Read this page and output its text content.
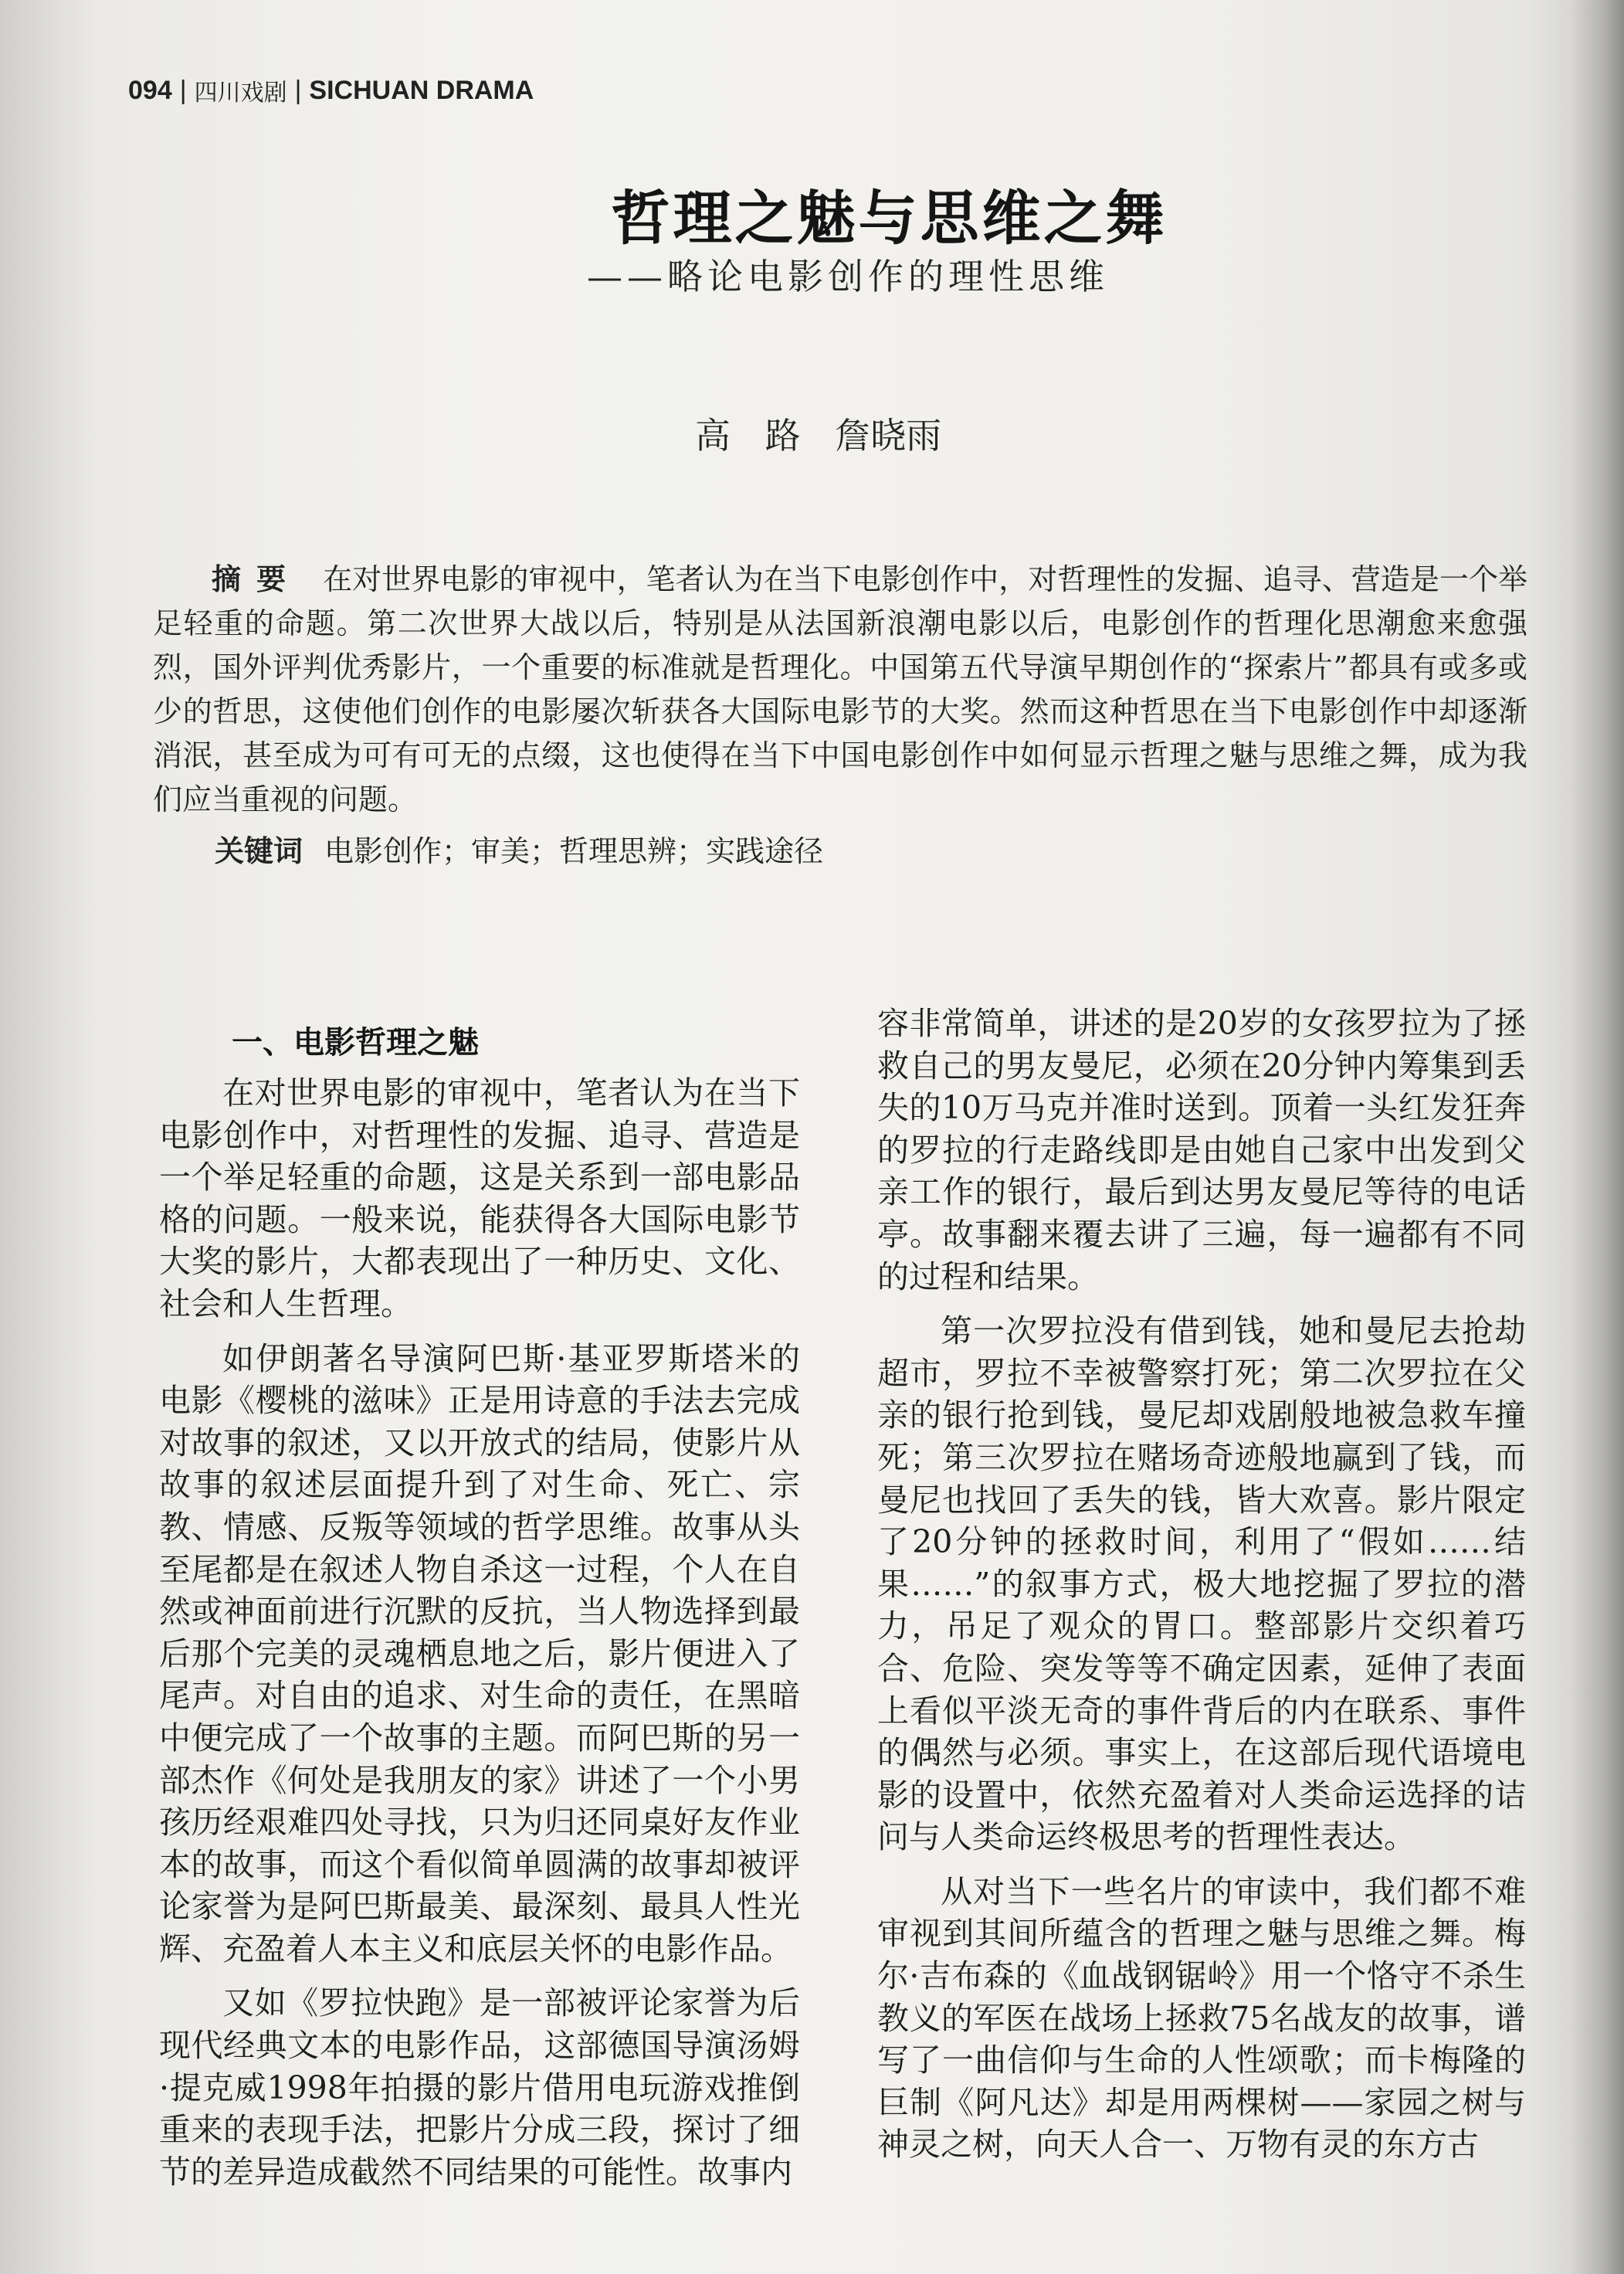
094 | 四川戏剧 | SICHUAN DRAMA
哲理之魅与思维之舞
——略论电影创作的理性思维
高 路 詹晓雨
摘要 在对世界电影的审视中，笔者认为在当下电影创作中，对哲理性的发掘、追寻、营造是一个举足轻重的命题。第二次世界大战以后，特别是从法国新浪潮电影以后，电影创作的哲理化思潮愈来愈强烈，国外评判优秀影片，一个重要的标准就是哲理化。中国第五代导演早期创作的“探索片”都具有或多或少的哲思，这使他们创作的电影屡次斩获各大国际电影节的大奖。然而这种哲思在当下电影创作中却逐渐消泯，甚至成为可有可无的点缀，这也使得在当下中国电影创作中如何显示哲理之魅与思维之舞，成为我们应当重视的问题。
关键词 电影创作；审美；哲理思辨；实践途径
一、电影哲理之魅

在对世界电影的审视中，笔者认为在当下电影创作中，对哲理性的发掘、追寻、营造是一个举足轻重的命题，这是关系到一部电影品格的问题。一般来说，能获得各大国际电影节大奖的影片，大都表现出了一种历史、文化、社会和人生哲理。

如伊朗著名导演阿巴斯·基亚罗斯塔米的电影《樱桃的滋味》正是用诗意的手法去完成对故事的叙述，又以开放式的结局，使影片从故事的叙述层面提升到了对生命、死亡、宗教、情感、反叛等领域的哲学思维。故事从头至尾都是在叙述人物自杀这一过程，个人在自然或神面前进行沉默的反抗，当人物选择到最后那个完美的灵魂栖息地之后，影片便进入了尾声。对自由的追求、对生命的责任，在黑暗中便完成了一个故事的主题。而阿巴斯的另一部杰作《何处是我朋友的家》讲述了一个小男孩历经艰难四处寻找，只为归还同桌好友作业本的故事，而这个看似简单圆满的故事却被评论家誉为是阿巴斯最美、最深刻、最具人性光辉、充盈着人本主义和底层关怀的电影作品。

又如《罗拉快跑》是一部被评论家誉为后现代经典文本的电影作品，这部德国导演汤姆·提克威1998年拍摄的影片借用电玩游戏推倒重来的表现手法，把影片分成三段，探讨了细节的差异造成截然不同结果的可能性。故事内

容非常简单，讲述的是20岁的女孩罗拉为了拯救自己的男友曼尼，必须在20分钟内筹集到丢失的10万马克并准时送到。顶着一头红发狂奔的罗拉的行走路线即是由她自己家中出发到父亲工作的银行，最后到达男友曼尼等待的电话亭。故事翻来覆去讲了三遍，每一遍都有不同的过程和结果。

第一次罗拉没有借到钱，她和曼尼去抢劫超市，罗拉不幸被警察打死；第二次罗拉在父亲的银行抢到钱，曼尼却戏剧般地被急救车撞死；第三次罗拉在赌场奇迹般地赢到了钱，而曼尼也找回了丢失的钱，皆大欢喜。影片限定了20分钟的拯救时间，利用了“假如……结果……”的叙事方式，极大地挖掘了罗拉的潜力，吊足了观众的胃口。整部影片交织着巧合、危险、突发等等不确定因素，延伸了表面上看似平淡无奇的事件背后的内在联系、事件的偶然与必须。事实上，在这部后现代语境电影的设置中，依然充盈着对人类命运选择的诘问与人类命运终极思考的哲理性表达。

从对当下一些名片的审读中，我们都不难审视到其间所蕴含的哲理之魅与思维之舞。梅尔·吉布森的《血战钢锯岭》用一个恪守不杀生教义的军医在战场上拯救75名战友的故事，谱写了一曲信仰与生命的人性颂歌；而卡梅隆的巨制《阿凡达》却是用两棵树——家园之树与神灵之树，向天人合一、万物有灵的东方古
